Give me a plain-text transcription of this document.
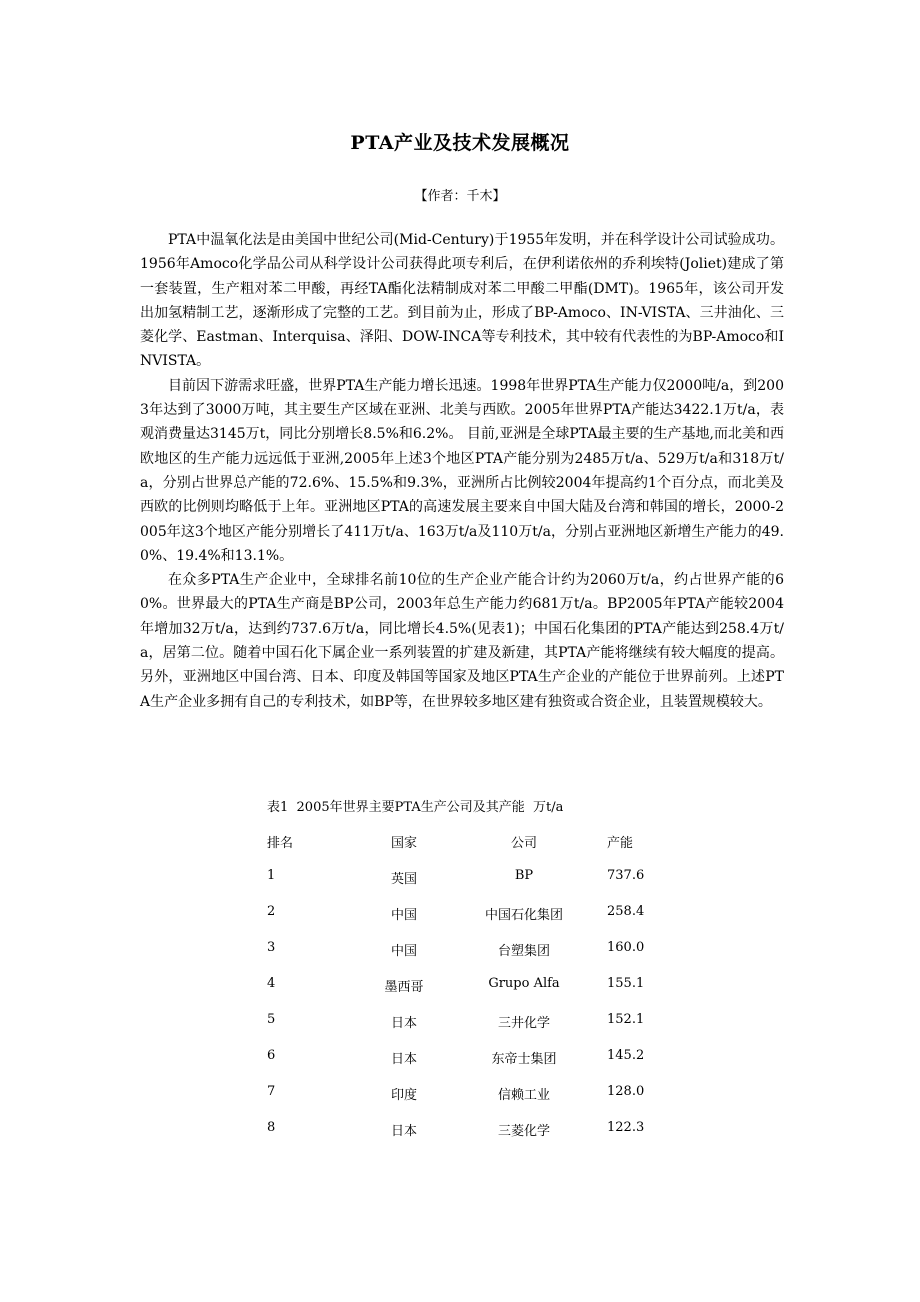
PTA产业及技术发展概况
【作者：千木】

PTA中温氧化法是由美国中世纪公司(Mid-Century)于1955年发明，并在科学设计公司试验成功。1956年Amoco化学品公司从科学设计公司获得此项专利后，在伊利诺依州的乔利埃特(Joliet)建成了第一套装置，生产粗对苯二甲酸，再经TA酯化法精制成对苯二甲酸二甲酯(DMT)。1965年，该公司开发出加氢精制工艺，逐渐形成了完整的工艺。到目前为止，形成了BP-Amoco、IN-VISTA、三井油化、三菱化学、Eastman、Interquisa、泽阳、DOW-INCA等专利技术，其中较有代表性的为BP-Amoco和INVISTA。

目前因下游需求旺盛，世界PTA生产能力增长迅速。1998年世界PTA生产能力仅2000吨/a，到2003年达到了3000万吨，其主要生产区域在亚洲、北美与西欧。2005年世界PTA产能达3422.1万t/a，表观消费量达3145万t，同比分别增长8.5%和6.2%。 目前,亚洲是全球PTA最主要的生产基地,而北美和西欧地区的生产能力远远低于亚洲,2005年上述3个地区PTA产能分别为2485万t/a、529万t/a和318万t/a，分别占世界总产能的72.6%、15.5%和9.3%，亚洲所占比例较2004年提高约1个百分点，而北美及西欧的比例则均略低于上年。亚洲地区PTA的高速发展主要来自中国大陆及台湾和韩国的增长，2000-2005年这3个地区产能分别增长了411万t/a、163万t/a及110万t/a，分别占亚洲地区新增生产能力的49.0%、19.4%和13.1%。

在众多PTA生产企业中，全球排名前10位的生产企业产能合计约为2060万t/a，约占世界产能的60%。世界最大的PTA生产商是BP公司，2003年总生产能力约681万t/a。BP2005年PTA产能较2004年增加32万t/a，达到约737.6万t/a，同比增长4.5%(见表1)；中国石化集团的PTA产能达到258.4万t/a，居第二位。随着中国石化下属企业一系列装置的扩建及新建，其PTA产能将继续有较大幅度的提高。另外，亚洲地区中国台湾、日本、印度及韩国等国家及地区PTA生产企业的产能位于世界前列。上述PTA生产企业多拥有自己的专利技术，如BP等，在世界较多地区建有独资或合资企业，且装置规模较大。

表1  2005年世界主要PTA生产公司及其产能  万t/a
排名	国家	公司	产能
1	英国	BP	737.6
2	中国	中国石化集团	258.4
3	中国	台塑集团	160.0
4	墨西哥	Grupo Alfa	155.1
5	日本	三井化学	152.1
6	日本	东帝士集团	145.2
7	印度	信赖工业	128.0
8	日本	三菱化学	122.3
